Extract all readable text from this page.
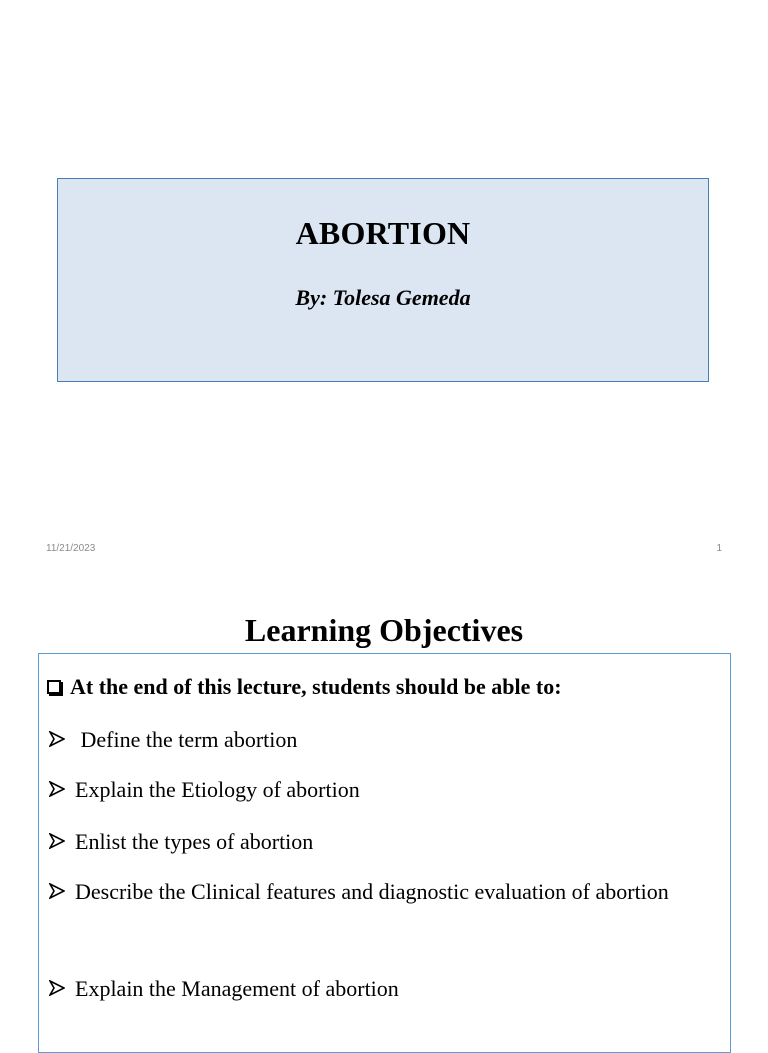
ABORTION
By: Tolesa Gemeda
11/21/2023	1
Learning Objectives
At the end of this lecture, students should be able to:
Define the term abortion
Explain the Etiology of abortion
Enlist the types of abortion
Describe the Clinical features and diagnostic evaluation of abortion
Explain the Management of abortion
